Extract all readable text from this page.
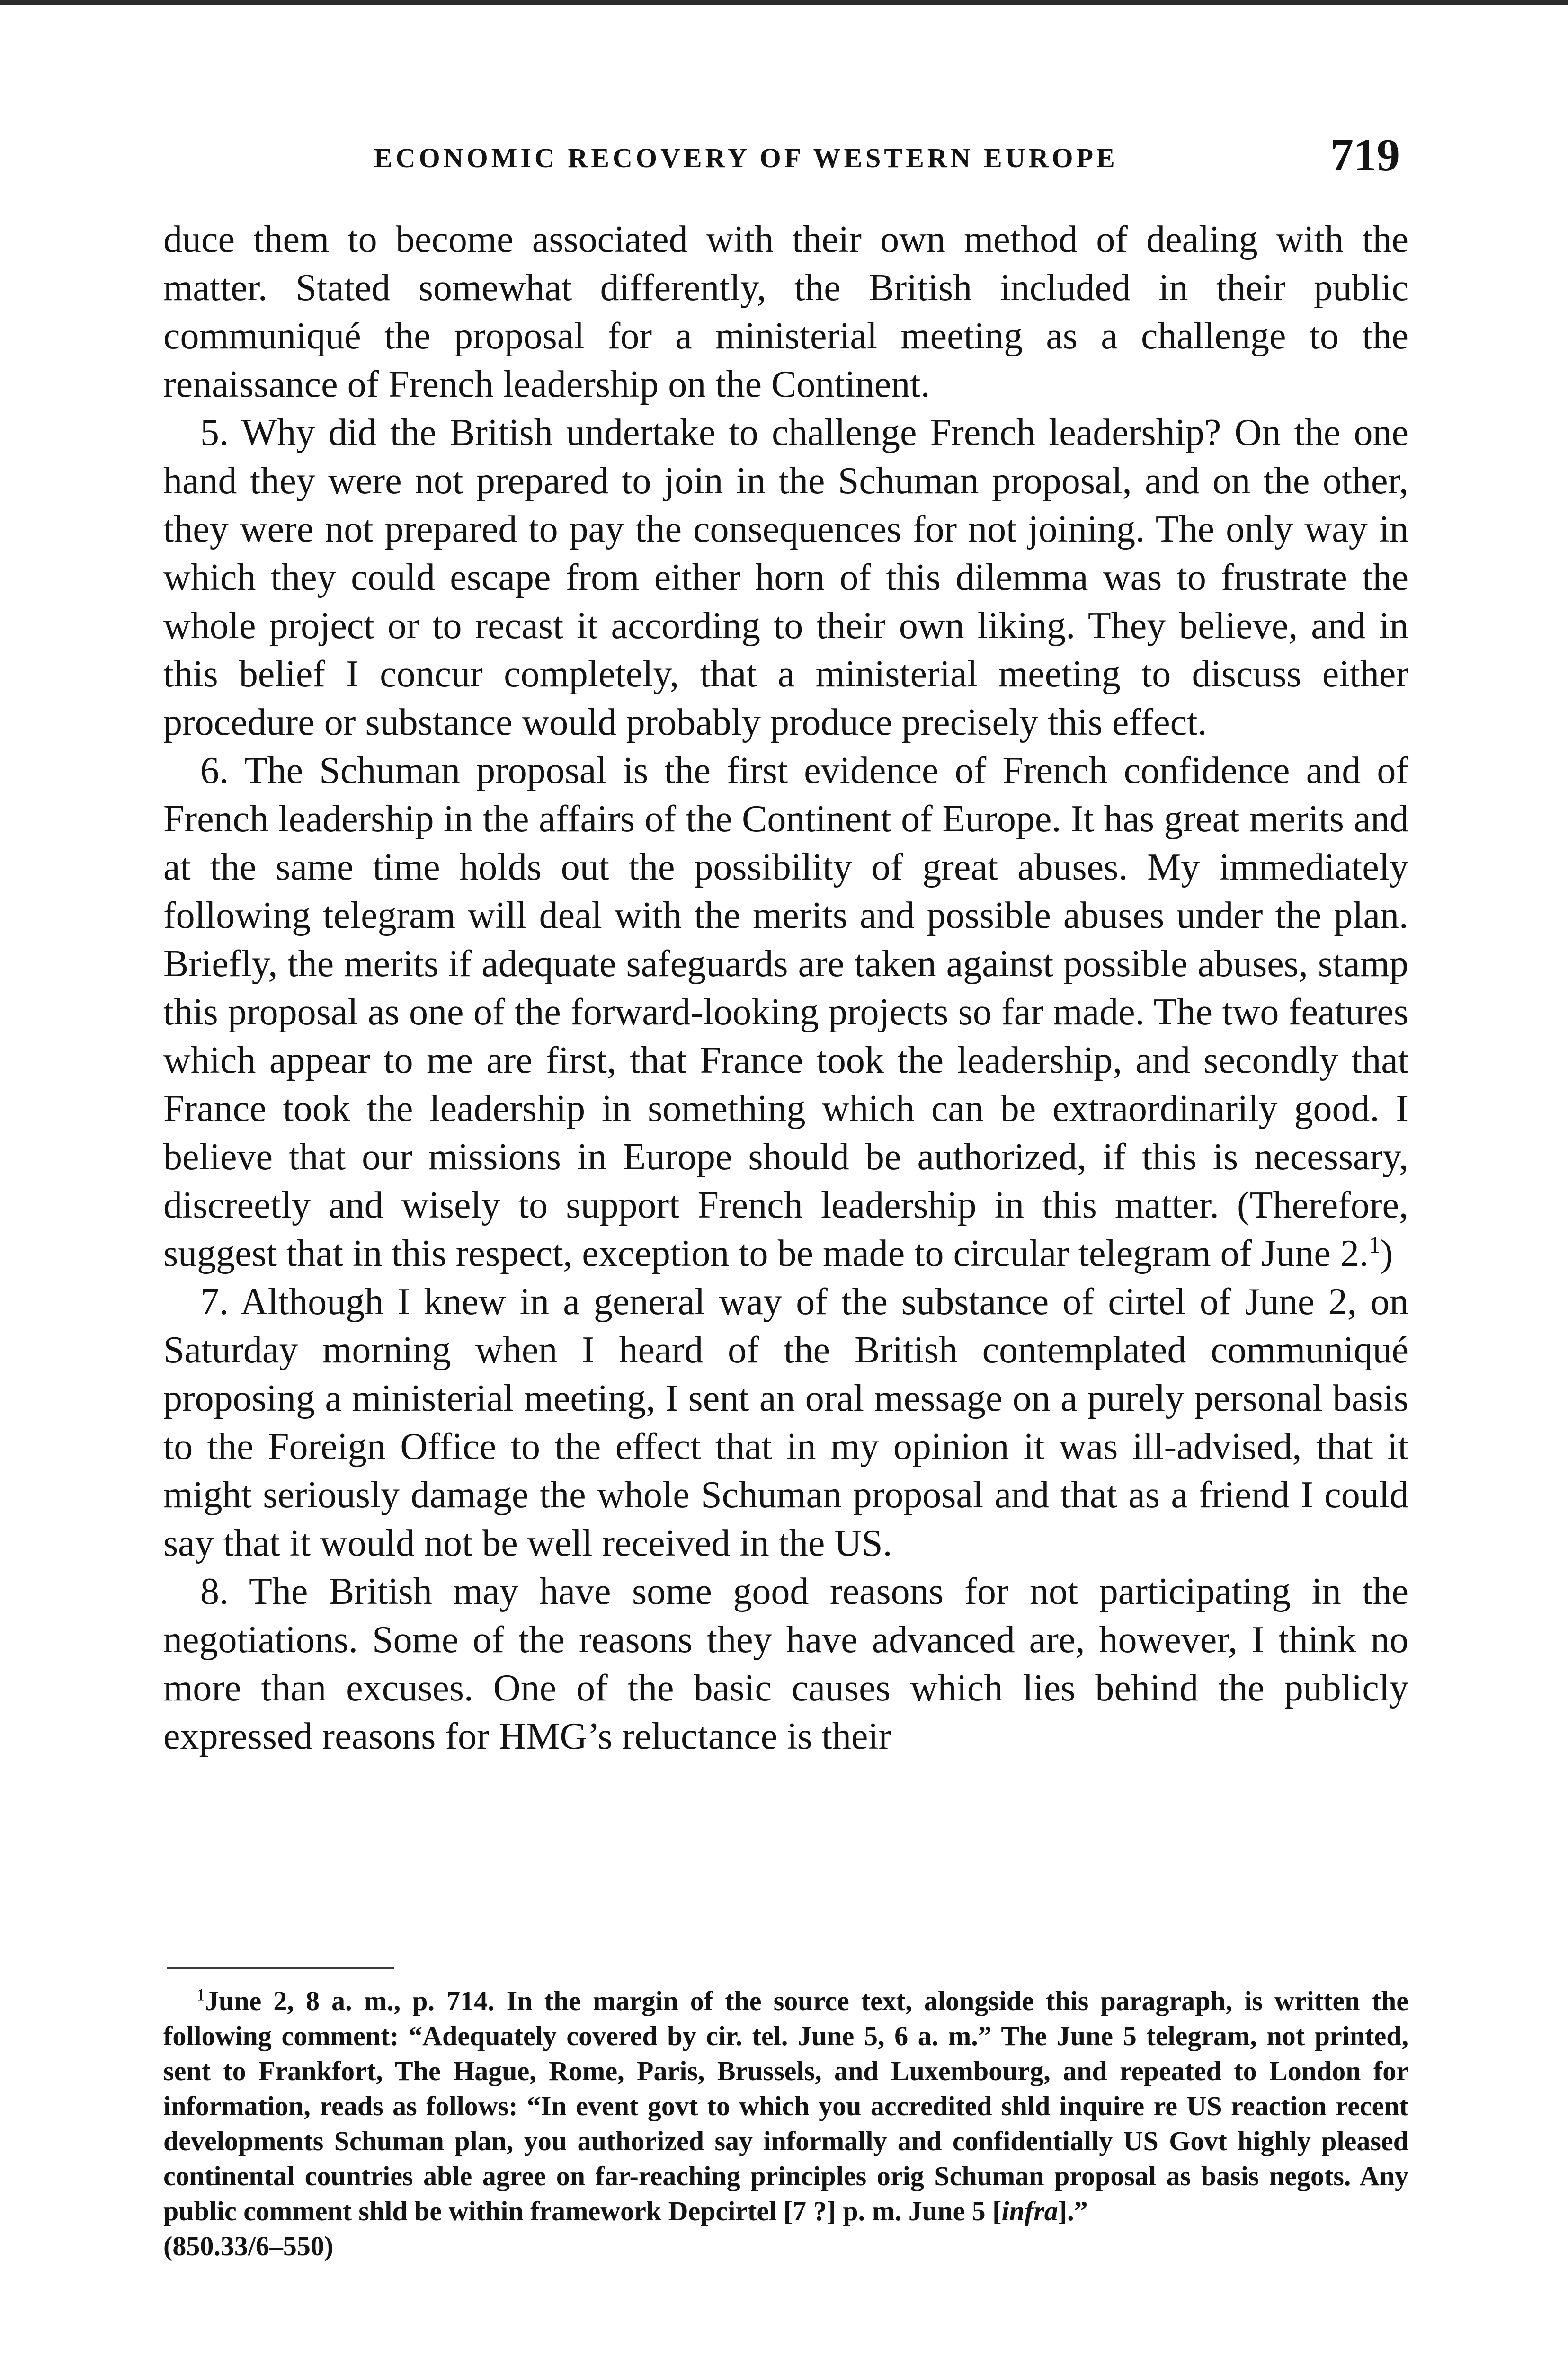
ECONOMIC RECOVERY OF WESTERN EUROPE	719

duce them to become associated with their own method of dealing with the matter. Stated somewhat differently, the British included in their public communiqué the proposal for a ministerial meeting as a challenge to the renaissance of French leadership on the Continent.

5. Why did the British undertake to challenge French leadership? On the one hand they were not prepared to join in the Schuman proposal, and on the other, they were not prepared to pay the consequences for not joining. The only way in which they could escape from either horn of this dilemma was to frustrate the whole project or to recast it according to their own liking. They believe, and in this belief I concur completely, that a ministerial meeting to discuss either procedure or substance would probably produce precisely this effect.

6. The Schuman proposal is the first evidence of French confidence and of French leadership in the affairs of the Continent of Europe. It has great merits and at the same time holds out the possibility of great abuses. My immediately following telegram will deal with the merits and possible abuses under the plan. Briefly, the merits if adequate safeguards are taken against possible abuses, stamp this proposal as one of the forward-looking projects so far made. The two features which appear to me are first, that France took the leadership, and secondly that France took the leadership in something which can be extraordinarily good. I believe that our missions in Europe should be authorized, if this is necessary, discreetly and wisely to support French leadership in this matter. (Therefore, suggest that in this respect, exception to be made to circular telegram of June 2.$^1$)

7. Although I knew in a general way of the substance of cirtel of June 2, on Saturday morning when I heard of the British contemplated communiqué proposing a ministerial meeting, I sent an oral message on a purely personal basis to the Foreign Office to the effect that in my opinion it was ill-advised, that it might seriously damage the whole Schuman proposal and that as a friend I could say that it would not be well received in the US.

8. The British may have some good reasons for not participating in the negotiations. Some of the reasons they have advanced are, however, I think no more than excuses. One of the basic causes which lies behind the publicly expressed reasons for HMG’s reluctance is their

$^1$June 2, 8 a. m., p. 714. In the margin of the source text, alongside this paragraph, is written the following comment: “Adequately covered by cir. tel. June 5, 6 a. m.” The June 5 telegram, not printed, sent to Frankfort, The Hague, Rome, Paris, Brussels, and Luxembourg, and repeated to London for information, reads as follows: “In event govt to which you accredited shld inquire re US reaction recent developments Schuman plan, you authorized say informally and confidentially US Govt highly pleased continental countries able agree on far-reaching principles orig Schuman proposal as basis negots. Any public comment shld be within framework Depcirtel [7 ?] p. m. June 5 [infra].”
(850.33/6–550)
